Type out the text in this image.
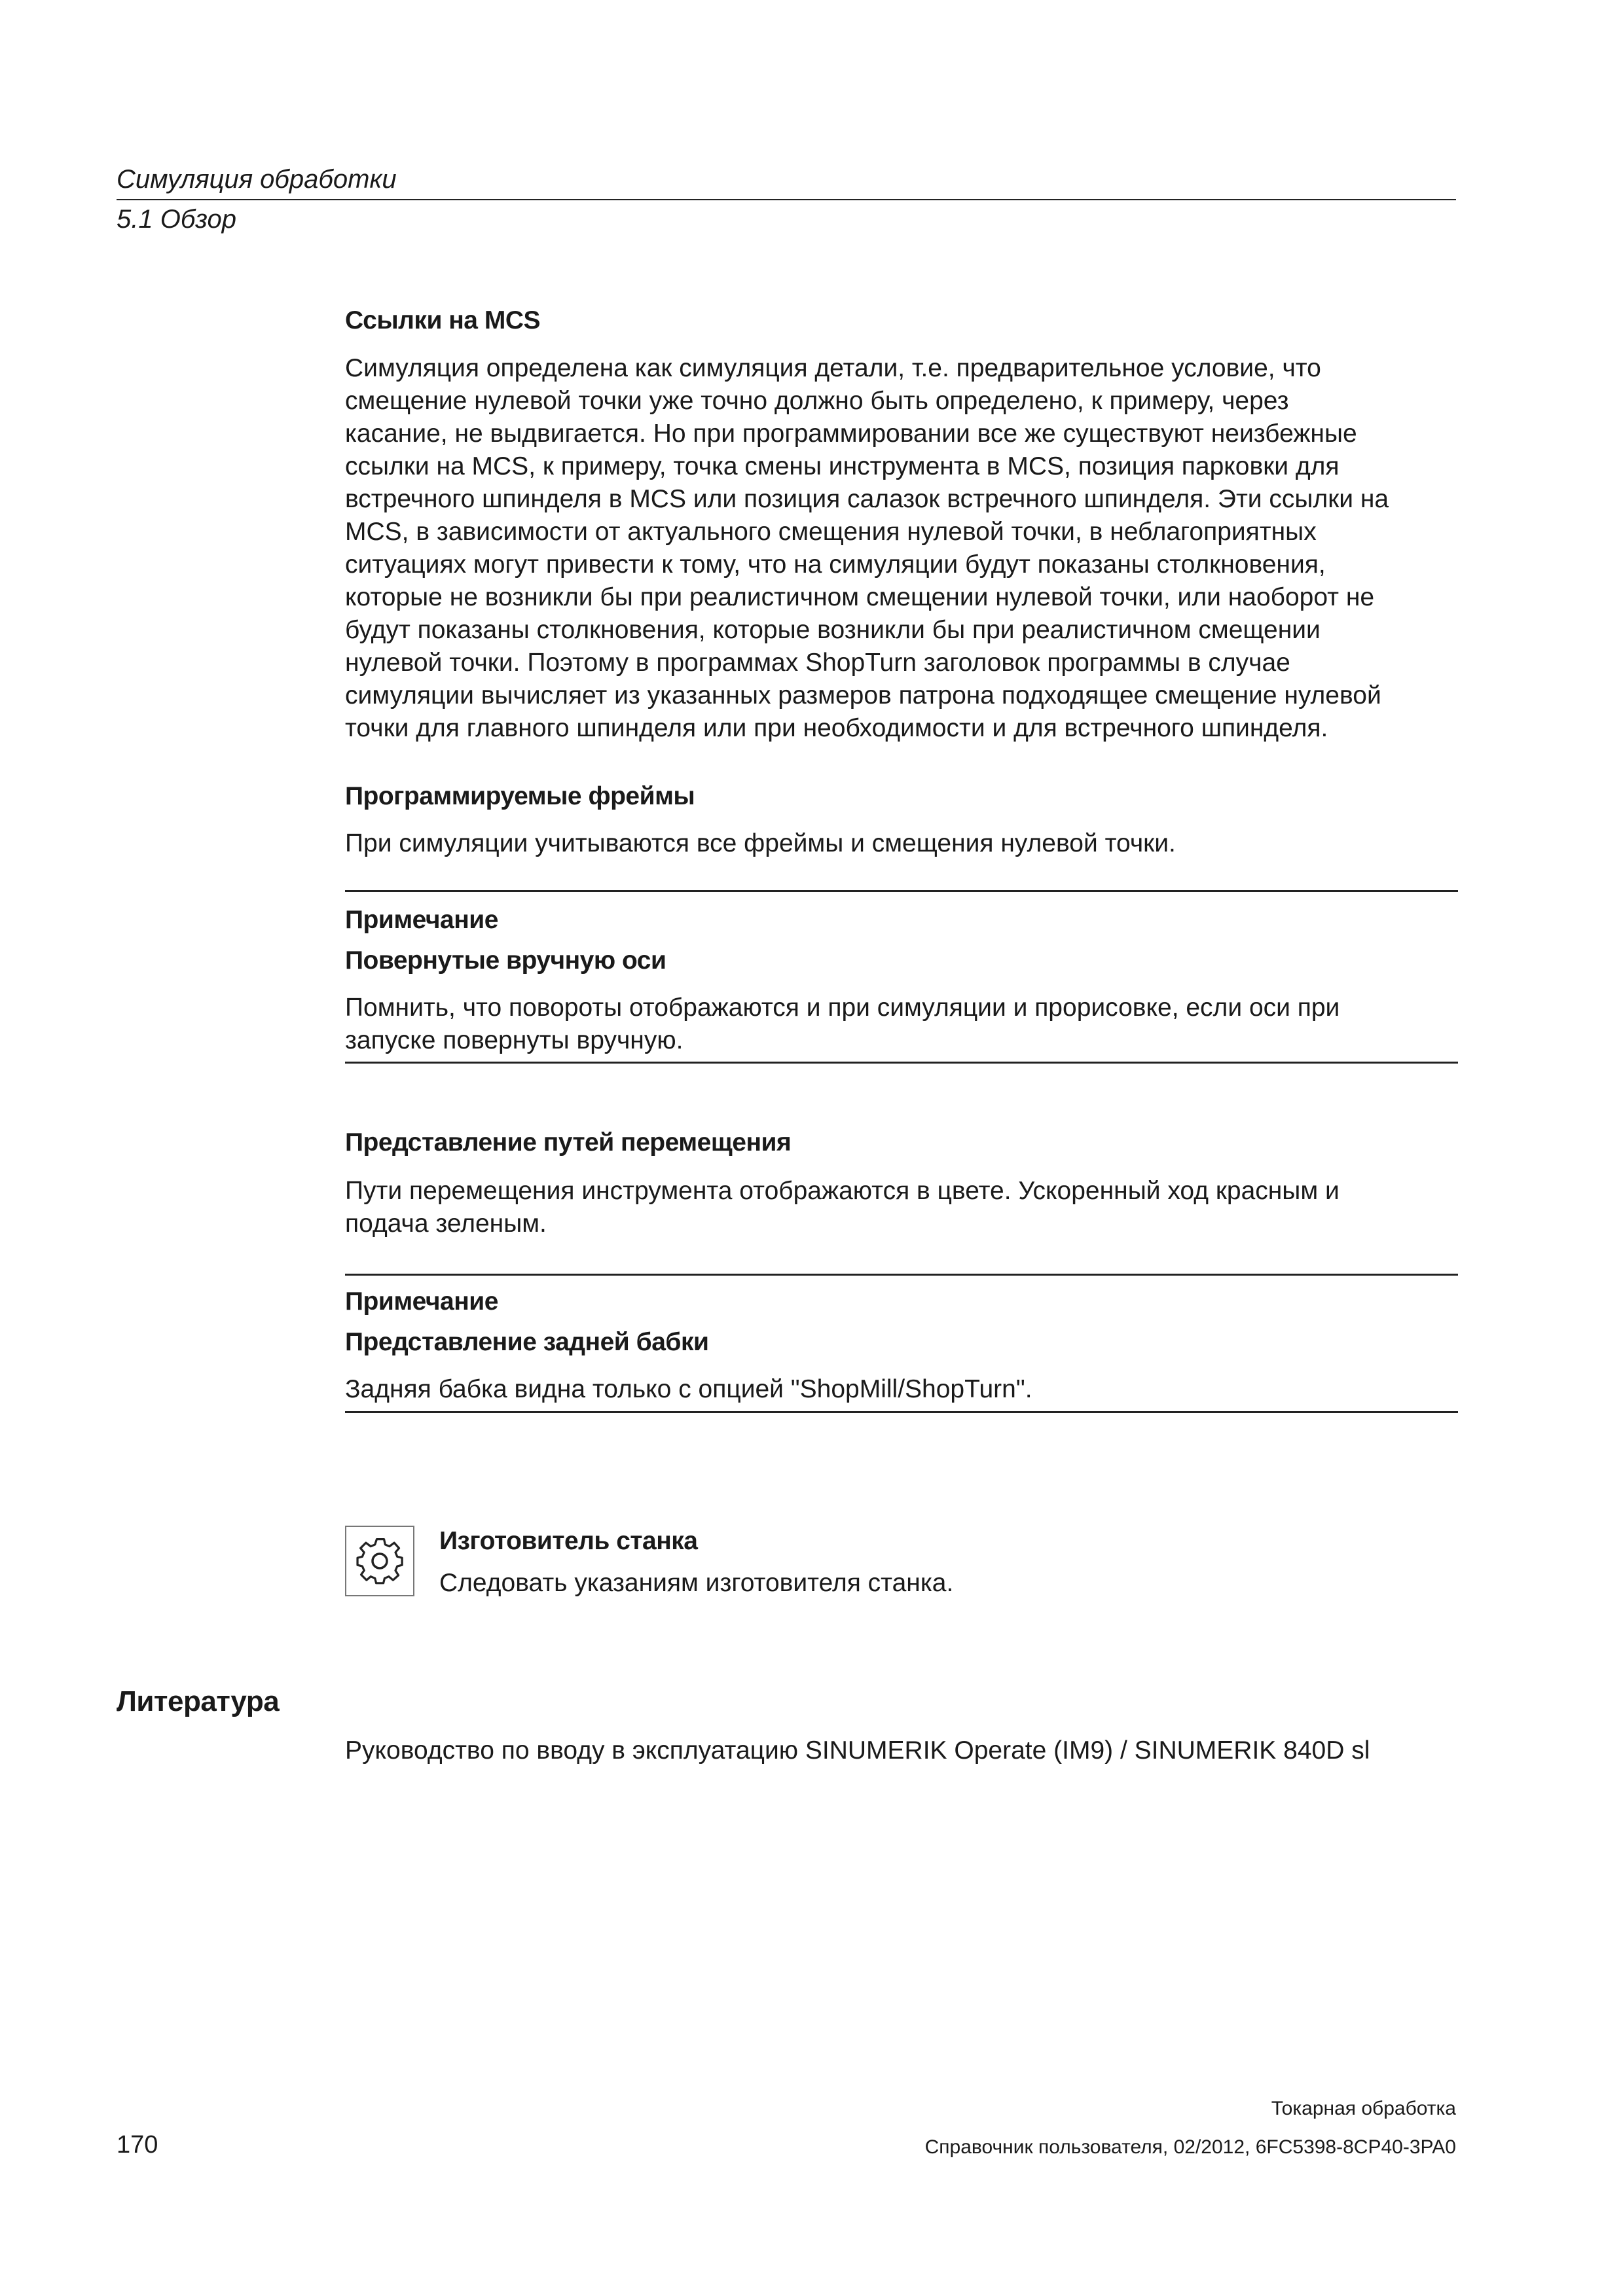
Симуляция обработки
5.1 Обзор
Ссылки на MCS
Симуляция определена как симуляция детали, т.е. предварительное условие, что
смещение нулевой точки уже точно должно быть определено, к примеру, через
касание, не выдвигается. Но при программировании все же существуют неизбежные
ссылки на MCS, к примеру, точка смены инструмента в MCS, позиция парковки для
встречного шпинделя в MCS или позиция салазок встречного шпинделя. Эти ссылки на
MCS, в зависимости от актуального смещения нулевой точки, в неблагоприятных
ситуациях могут привести к тому, что на симуляции будут показаны столкновения,
которые не возникли бы при реалистичном смещении нулевой точки, или наоборот не
будут показаны столкновения, которые возникли бы при реалистичном смещении
нулевой точки. Поэтому в программах ShopTurn заголовок программы в случае
симуляции вычисляет из указанных размеров патрона подходящее смещение нулевой
точки для главного шпинделя или при необходимости и для встречного шпинделя.
Программируемые фреймы
При симуляции учитываются все фреймы и смещения нулевой точки.
Примечание
Повернутые вручную оси
Помнить, что повороты отображаются и при симуляции и прорисовке, если оси при
запуске повернуты вручную.
Представление путей перемещения
Пути перемещения инструмента отображаются в цвете. Ускоренный ход красным и
подача зеленым.
Примечание
Представление задней бабки
Задняя бабка видна только с опцией "ShopMill/ShopTurn".
Изготовитель станка
Следовать указаниям изготовителя станка.
Литература
Руководство по вводу в эксплуатацию SINUMERIK Operate (IM9) / SINUMERIK 840D sl
Токарная обработка
170	Справочник пользователя, 02/2012, 6FC5398-8CP40-3PA0
